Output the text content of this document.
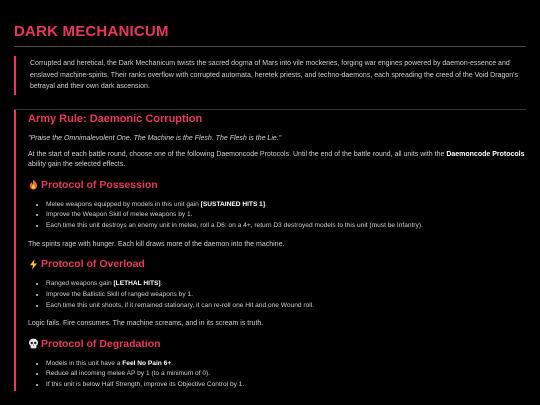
DARK MECHANICUM
Corrupted and heretical, the Dark Mechanicum twists the sacred dogma of Mars into vile mockeries, forging war engines powered by daemon-essence and enslaved machine-spirits. Their ranks overflow with corrupted automata, heretek priests, and techno-daemons, each spreading the creed of the Void Dragon's betrayal and their own dark ascension.
Army Rule: Daemonic Corruption
"Praise the Omnimalevolent One. The Machine is the Flesh. The Flesh is the Lie."

At the start of each battle round, choose one of the following Daemoncode Protocols. Until the end of the battle round, all units with the Daemoncode Protocols ability gain the selected effects.

Protocol of Possession
• Melee weapons equipped by models in this unit gain [SUSTAINED HITS 1].
• Improve the Weapon Skill of melee weapons by 1.
• Each time this unit destroys an enemy unit in melee, roll a D6: on a 4+, return D3 destroyed models to this unit (must be Infantry).

The spirits rage with hunger. Each kill draws more of the daemon into the machine.

Protocol of Overload
• Ranged weapons gain [LETHAL HITS].
• Improve the Ballistic Skill of ranged weapons by 1.
• Each time this unit shoots, if it remained stationary, it can re-roll one Hit and one Wound roll.

Logic fails. Fire consumes. The machine screams, and in its scream is truth.

Protocol of Degradation
• Models in this unit have a Feel No Pain 6+.
• Reduce all incoming melee AP by 1 (to a minimum of 0).
• If this unit is below Half Strength, improve its Objective Control by 1.
